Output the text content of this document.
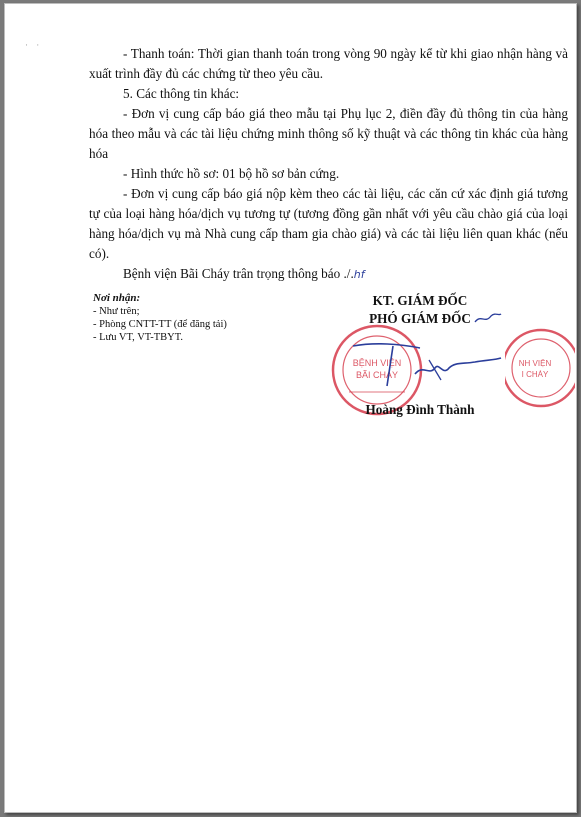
· ·

- Thanh toán: Thời gian thanh toán trong vòng 90 ngày kể từ khi giao nhận hàng và xuất trình đầy đủ các chứng từ theo yêu cầu.

5. Các thông tin khác:

- Đơn vị cung cấp báo giá theo mẫu tại Phụ lục 2, điền đầy đủ thông tin của hàng hóa theo mẫu và các tài liệu chứng minh thông số kỹ thuật và các thông tin khác của hàng hóa

- Hình thức hồ sơ: 01 bộ hồ sơ bản cứng.

- Đơn vị cung cấp báo giá nộp kèm theo các tài liệu, các căn cứ xác định giá tương tự của loại hàng hóa/dịch vụ tương tự (tương đồng gần nhất với yêu cầu chào giá của loại hàng hóa/dịch vụ mà Nhà cung cấp tham gia chào giá) và các tài liệu liên quan khác (nếu có).

Bệnh viện Bãi Cháy trân trọng thông báo ./.hf

Nơi nhận:
- Như trên;
- Phòng CNTT-TT (để đăng tải)
- Lưu VT, VT-TBYT.
BỆNH VIỆN
BÃI CHÁY
NH VIỆN
I CHÁY
KT. GIÁM ĐỐC
PHÓ GIÁM ĐỐC
Hoàng Đình Thành
